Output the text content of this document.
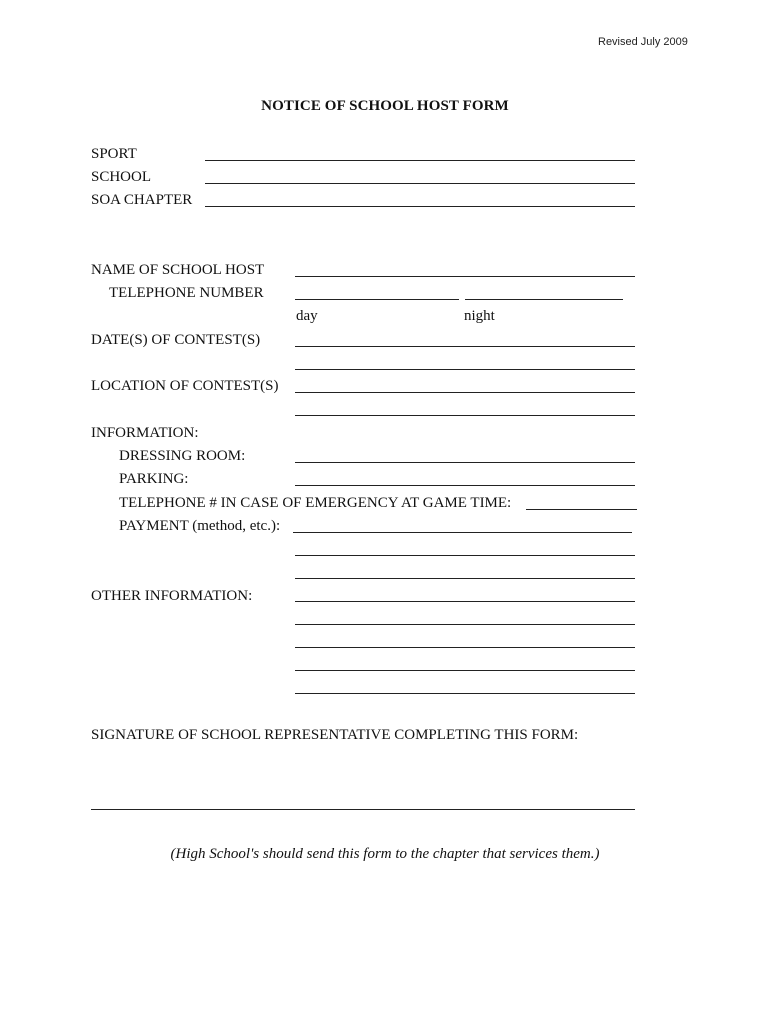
Revised July 2009
NOTICE OF SCHOOL HOST FORM
SPORT
SCHOOL
SOA CHAPTER
NAME OF SCHOOL HOST
TELEPHONE NUMBER
day	night
DATE(S) OF CONTEST(S)
LOCATION OF CONTEST(S)
INFORMATION:
DRESSING ROOM:
PARKING:
TELEPHONE # IN CASE OF EMERGENCY AT GAME TIME:
PAYMENT (method, etc.):
OTHER INFORMATION:
SIGNATURE OF SCHOOL REPRESENTATIVE COMPLETING THIS FORM:
(High School's should send this form to the chapter that services them.)
